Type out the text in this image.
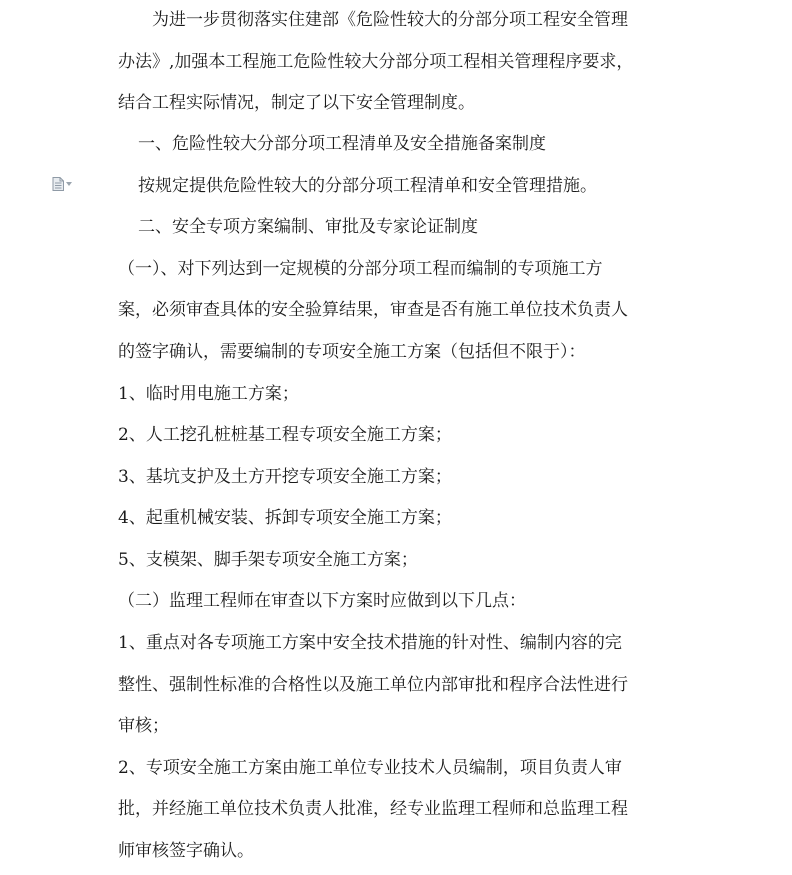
为进一步贯彻落实住建部《危险性较大的分部分项工程安全管理
办法》,加强本工程施工危险性较大分部分项工程相关管理程序要求，
结合工程实际情况，制定了以下安全管理制度。
一、危险性较大分部分项工程清单及安全措施备案制度
按规定提供危险性较大的分部分项工程清单和安全管理措施。
二、安全专项方案编制、审批及专家论证制度
（一）、对下列达到一定规模的分部分项工程而编制的专项施工方
案，必须审查具体的安全验算结果，审查是否有施工单位技术负责人
的签字确认，需要编制的专项安全施工方案（包括但不限于）：
1、临时用电施工方案；
2、人工挖孔桩桩基工程专项安全施工方案；
3、基坑支护及土方开挖专项安全施工方案；
4、起重机械安装、拆卸专项安全施工方案；
5、支模架、脚手架专项安全施工方案；
（二）监理工程师在审查以下方案时应做到以下几点：
1、重点对各专项施工方案中安全技术措施的针对性、编制内容的完
整性、强制性标准的合格性以及施工单位内部审批和程序合法性进行
审核；
2、专项安全施工方案由施工单位专业技术人员编制，项目负责人审
批，并经施工单位技术负责人批准，经专业监理工程师和总监理工程
师审核签字确认。
